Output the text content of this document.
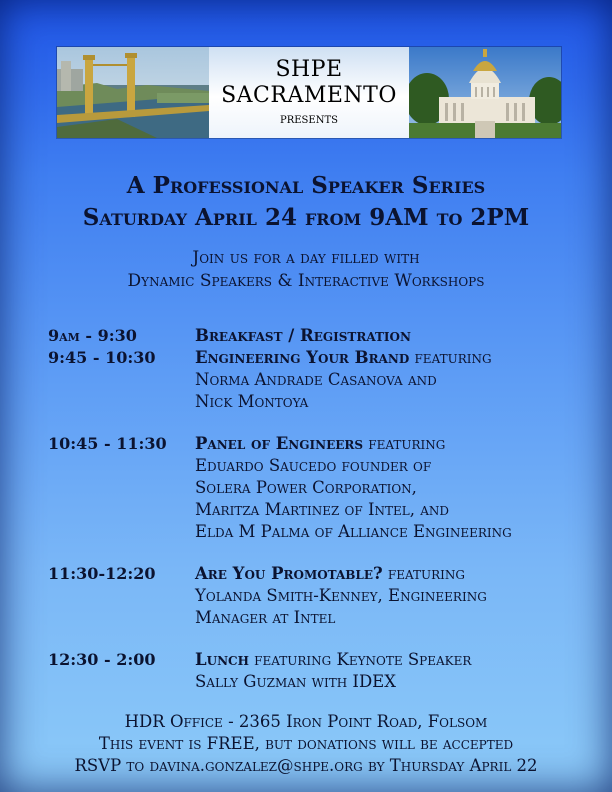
SHPE
SACRAMENTO
presents
A Professional Speaker Series
Saturday April 24 from 9AM to 2PM
Join us for a day filled with
Dynamic Speakers & Interactive Workshops
9am - 9:30	Breakfast / Registration
9:45 - 10:30	Engineering Your Brand featuring
Norma Andrade Casanova and
Nick Montoya
10:45 - 11:30	Panel of Engineers featuring
Eduardo Saucedo founder of
Solera Power Corporation,
Maritza Martinez of Intel, and
Elda M Palma of Alliance Engineering
11:30-12:20	Are You Promotable? featuring
Yolanda Smith-Kenney, Engineering
Manager at Intel
12:30 - 2:00	Lunch featuring Keynote Speaker
Sally Guzman with IDEX
HDR Office - 2365 Iron Point Road, Folsom
This event is FREE, but donations will be accepted
RSVP to davina.gonzalez@shpe.org by Thursday April 22
